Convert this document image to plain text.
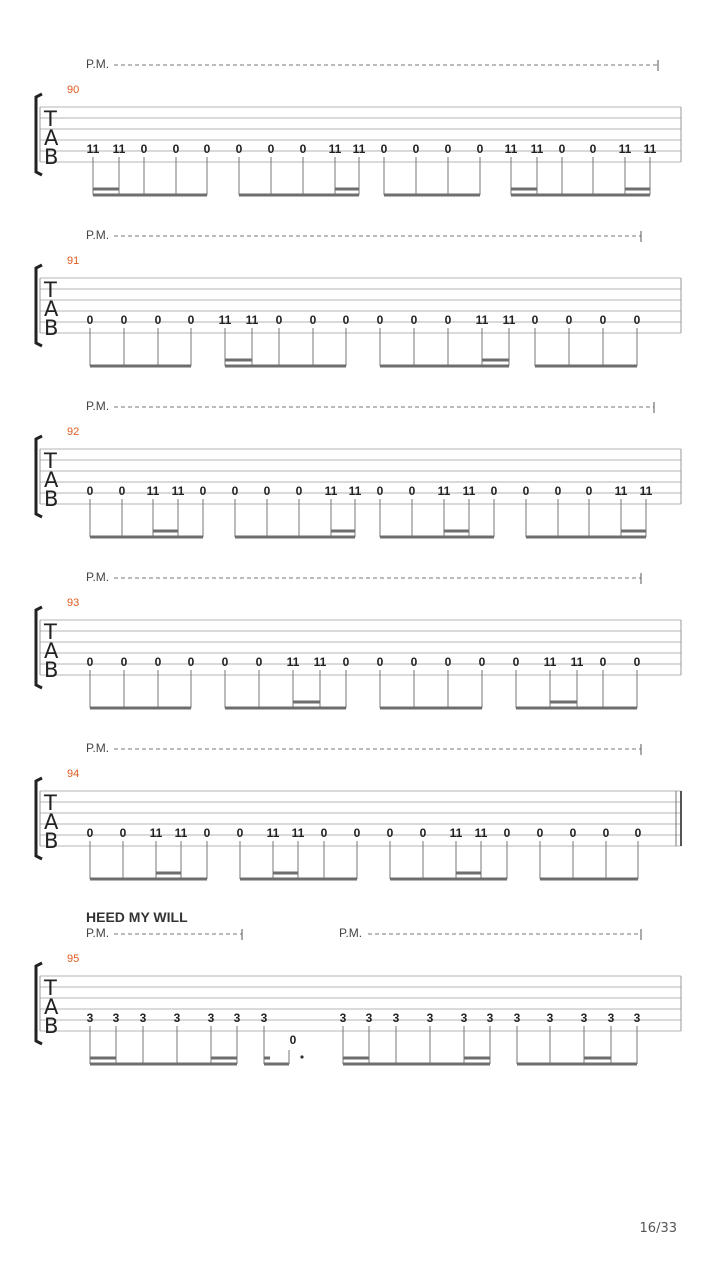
P.M.
90
T
A
B 11 11 0 0 0 0 0 0 11 11 0 0 0 0 11 11 0 0 11 11
P.M.
91
T
A
B 0 0 0 0 11 11 0 0 0 0 0 0 11 11 0 0 0 0
P.M.
92
T
A
B 0 0 11 11 0 0 0 0 11 11 0 0 11 11 0 0 0 0 11 11
P.M.
93
T
A
B 0 0 0 0 0 0 11 11 0 0 0 0 0 0 11 11 0 0
P.M.
94
T
A
B 0 0 11 11 0 0 11 11 0 0 0 0 11 11 0 0 0 0 0
HEED MY WILL
P.M.	P.M.
95
T
A
B 3 3 3 3 3 3 3
0
3 3 3 3 3 3 3 3 3 3 3
16/33
